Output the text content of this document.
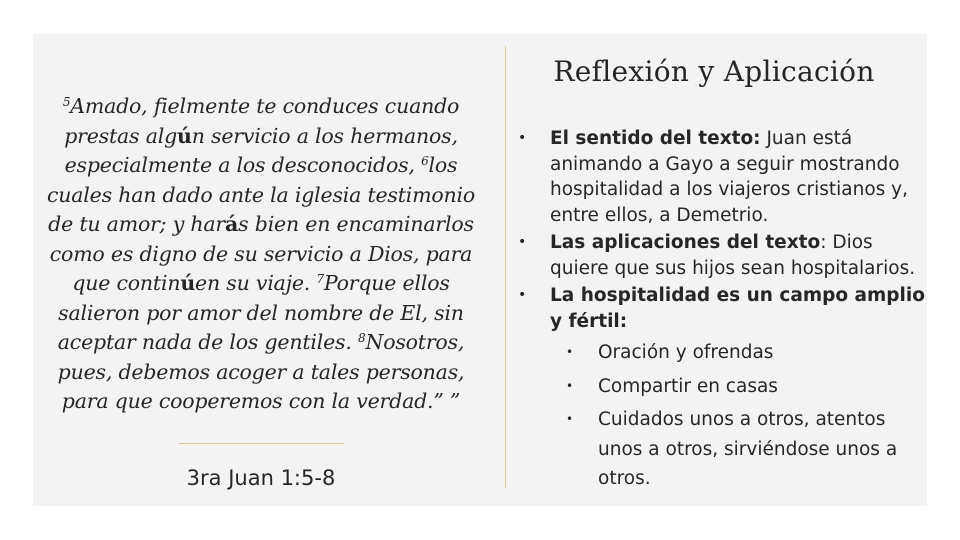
$^5$Amado, fielmente te conduces cuando prestas algún servicio a los hermanos, especialmente a los desconocidos, $^6$los cuales han dado ante la iglesia testimonio de tu amor; y harás bien en encaminarlos como es digno de su servicio a Dios, para que continúen su viaje. $^7$Porque ellos salieron por amor del nombre de El, sin aceptar nada de los gentiles. $^8$Nosotros, pues, debemos acoger a tales personas, para que cooperemos con la verdad.” ”
3ra Juan 1:5-8
Reflexión y Aplicación
• El sentido del texto: Juan está animando a Gayo a seguir mostrando hospitalidad a los viajeros cristianos y, entre ellos, a Demetrio.
• Las aplicaciones del texto: Dios quiere que sus hijos sean hospitalarios.
• La hospitalidad es un campo amplio y fértil:
• Oración y ofrendas
• Compartir en casas
• Cuidados unos a otros, atentos unos a otros, sirviéndose unos a otros.
